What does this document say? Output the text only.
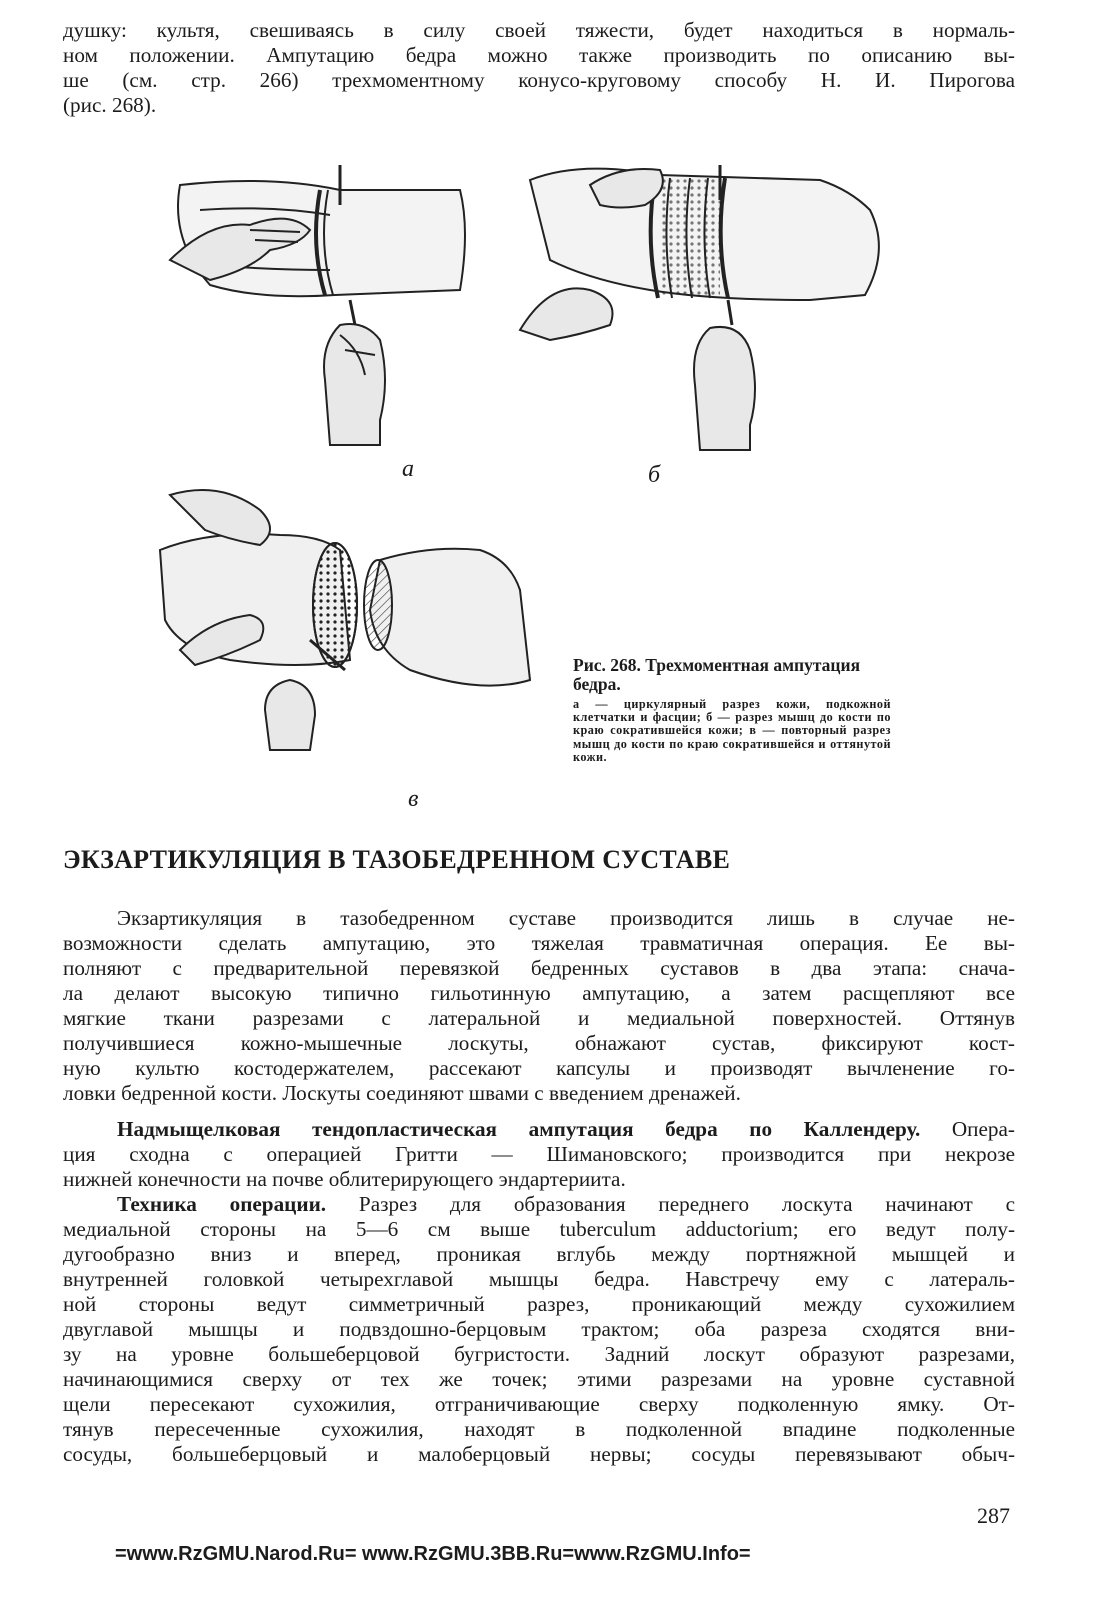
душку: культя, свешиваясь в силу своей тяжести, будет находиться в нормаль-
ном положении. Ампутацию бедра можно также производить по описанию вы-
ше (см. стр. 266) трехмоментному конусо-круговому способу Н. И. Пирогова
(рис. 268).

а	б
в

Рис. 268. Трехмоментная ампутация бедра.

а — циркулярный разрез кожи, подкожной клетчатки и фасции; б — разрез мышц до кости по краю сократившейся кожи; в — повторный разрез мышц до кости по краю сократившейся и оттянутой кожи.

ЭКЗАРТИКУЛЯЦИЯ В ТАЗОБЕДРЕННОМ СУСТАВЕ

Экзартикуляция в тазобедренном суставе производится лишь в случае не-
возможности сделать ампутацию, это тяжелая травматичная операция. Ее вы-
полняют с предварительной перевязкой бедренных суставов в два этапа: снача-
ла делают высокую типично гильотинную ампутацию, а затем расщепляют все
мягкие ткани разрезами с латеральной и медиальной поверхностей. Оттянув
получившиеся кожно-мышечные лоскуты, обнажают сустав, фиксируют кост-
ную культю костодержателем, рассекают капсулы и производят вычленение го-
ловки бедренной кости. Лоскуты соединяют швами с введением дренажей.

Надмыщелковая тендопластическая ампутация бедра по Каллендеру. Опера-
ция сходна с операцией Гритти — Шимановского; производится при некрозе
нижней конечности на почве облитерирующего эндартериита.

Техника операции. Разрез для образования переднего лоскута начинают с
медиальной стороны на 5—6 см выше tuberculum adductorium; его ведут полу-
дугообразно вниз и вперед, проникая вглубь между портняжной мышцей и
внутренней головкой четырехглавой мышцы бедра. Навстречу ему с латераль-
ной стороны ведут симметричный разрез, проникающий между сухожилием
двуглавой мышцы и подвздошно-берцовым трактом; оба разреза сходятся вни-
зу на уровне большеберцовой бугристости. Задний лоскут образуют разрезами,
начинающимися сверху от тех же точек; этими разрезами на уровне суставной
щели пересекают сухожилия, отграничивающие сверху подколенную ямку. От-
тянув пересеченные сухожилия, находят в подколенной впадине подколенные
сосуды, большеберцовый и малоберцовый нервы; сосуды перевязывают обыч-

287
=www.RzGMU.Narod.Ru= www.RzGMU.3BB.Ru=www.RzGMU.Info=
